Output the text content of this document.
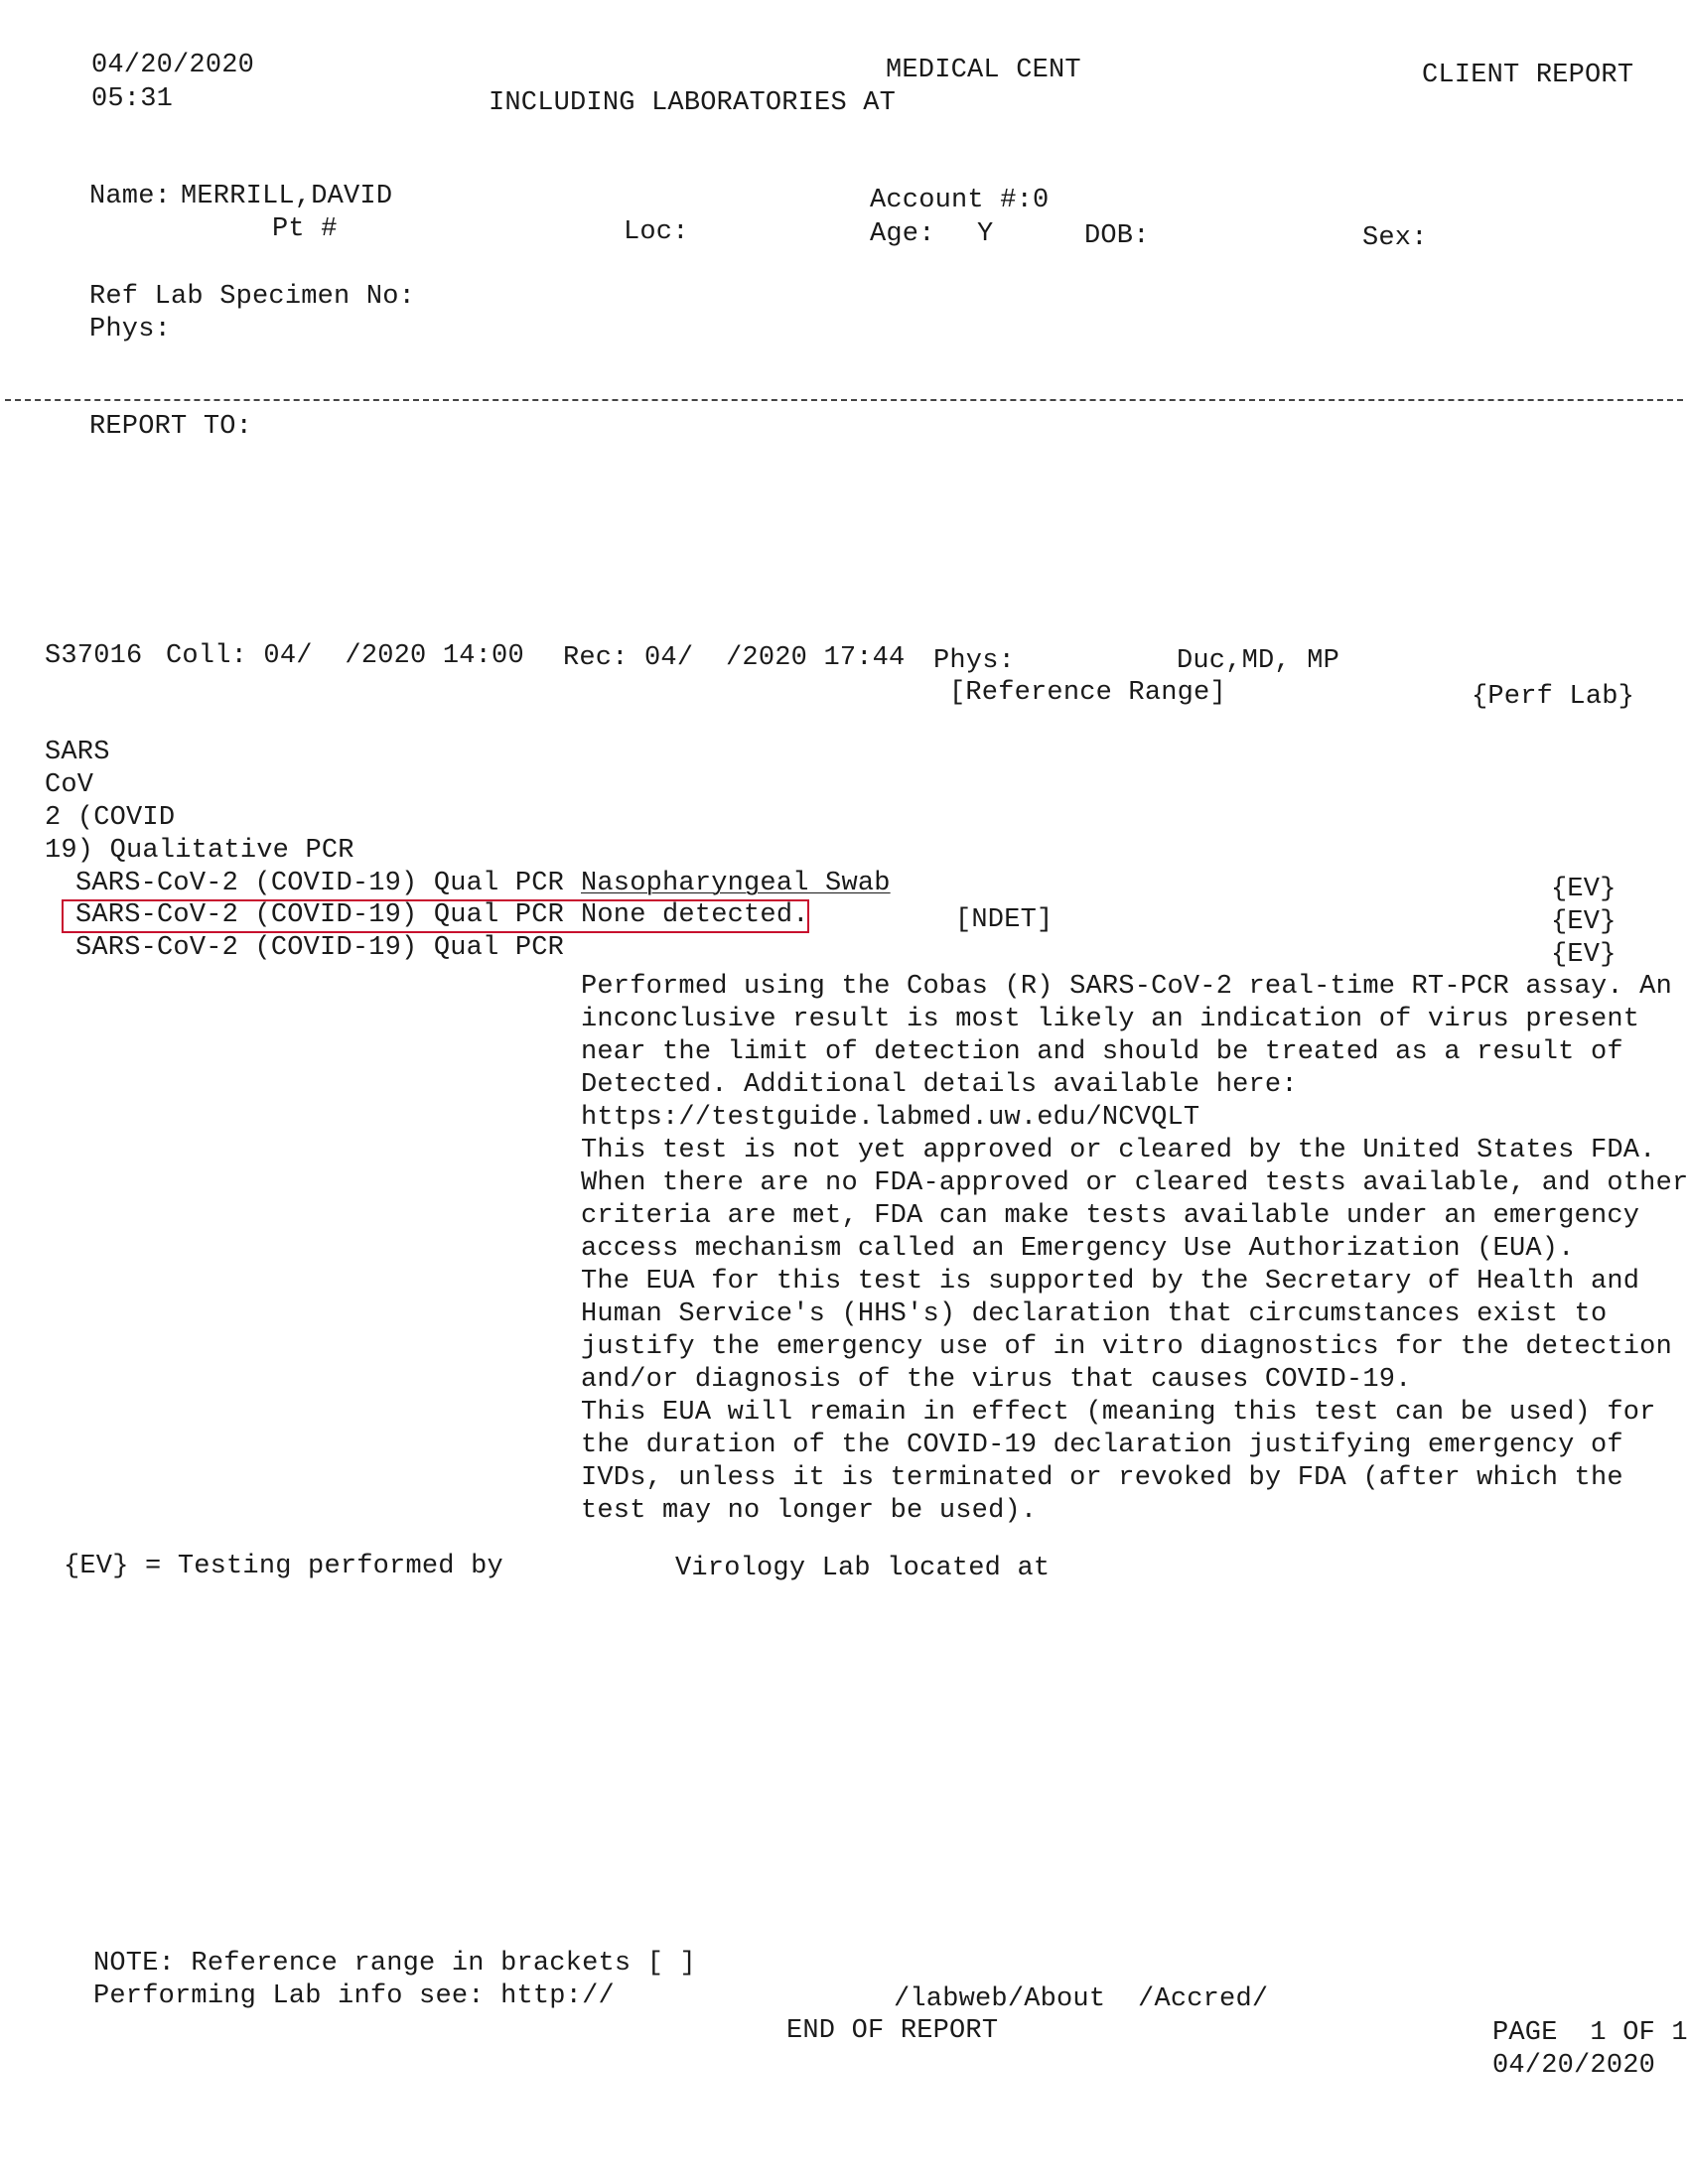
04/20/2020
05:31
MEDICAL CENT
INCLUDING LABORATORIES AT
CLIENT REPORT
Name: MERRILL,DAVID
Pt #	Loc:
Account #:0
Age: Y	DOB:	Sex:
Ref Lab Specimen No:
Phys:
REPORT TO:
S37016 Coll: 04/  /2020 14:00 Rec: 04/  /2020 17:44 Phys:	Duc,MD, MP
[Reference Range]	{Perf Lab}
SARS
CoV
2 (COVID
19) Qualitative PCR
SARS-CoV-2 (COVID-19) Qual PCR Nasopharyngeal Swab	{EV}
SARS-CoV-2 (COVID-19) Qual PCR None detected.	[NDET]	{EV}
SARS-CoV-2 (COVID-19) Qual PCR	{EV}
Performed using the Cobas (R) SARS-CoV-2 real-time RT-PCR assay. An
inconclusive result is most likely an indication of virus present
near the limit of detection and should be treated as a result of
Detected. Additional details available here:
https://testguide.labmed.uw.edu/NCVQLT
This test is not yet approved or cleared by the United States FDA.
When there are no FDA-approved or cleared tests available, and other
criteria are met, FDA can make tests available under an emergency
access mechanism called an Emergency Use Authorization (EUA).
The EUA for this test is supported by the Secretary of Health and
Human Service's (HHS's) declaration that circumstances exist to
justify the emergency use of in vitro diagnostics for the detection
and/or diagnosis of the virus that causes COVID-19.
This EUA will remain in effect (meaning this test can be used) for
the duration of the COVID-19 declaration justifying emergency of
IVDs, unless it is terminated or revoked by FDA (after which the
test may no longer be used).
{EV} = Testing performed by	Virology Lab located at
NOTE: Reference range in brackets [ ]
Performing Lab info see: http://	/labweb/About  /Accred/
END OF REPORT	PAGE  1 OF 1
04/20/2020
